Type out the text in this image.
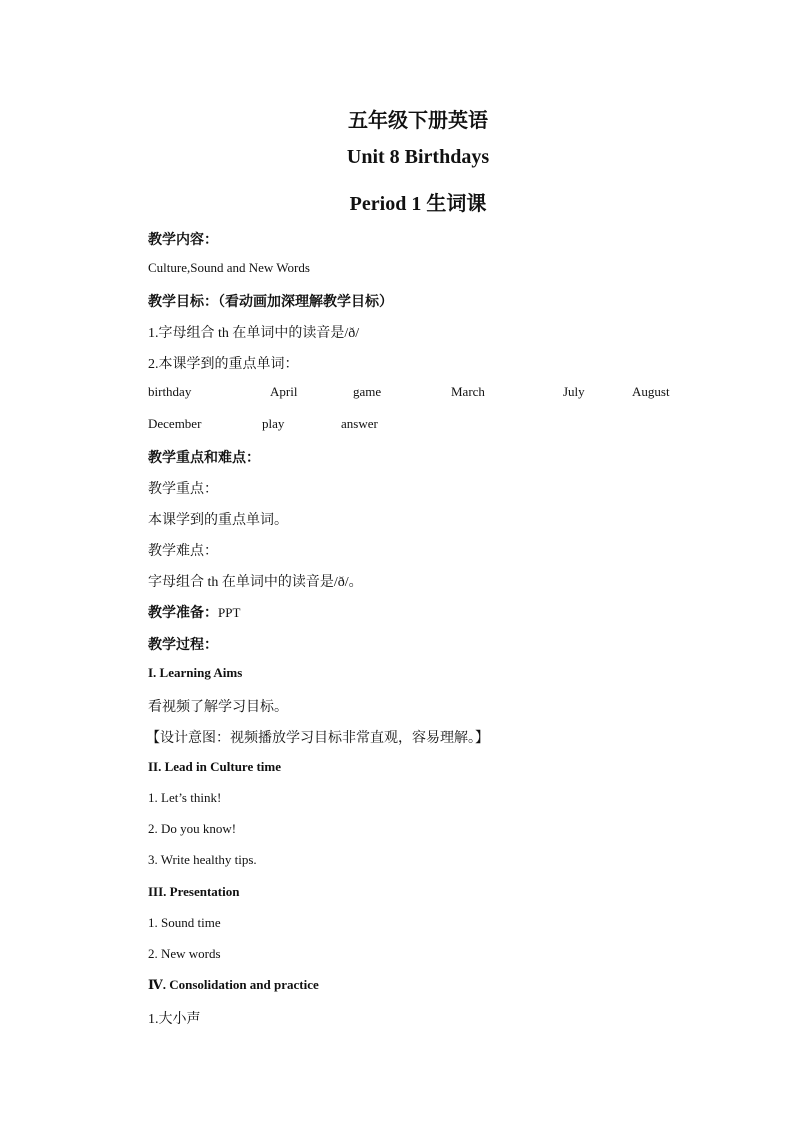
五年级下册英语
Unit 8 Birthdays
Period 1 生词课
教学内容：
Culture,Sound and New Words
教学目标：（看动画加深理解教学目标）
1.字母组合 th 在单词中的读音是/ð/
2.本课学到的重点单词：
birthday	April	game	March	July	August
December	play	answer
教学重点和难点：
教学重点：
本课学到的重点单词。
教学难点：
字母组合 th 在单词中的读音是/ð/。
教学准备：PPT
教学过程：
I. Learning Aims
看视频了解学习目标。
【设计意图：视频播放学习目标非常直观，容易理解。】
II. Lead in Culture time
1. Let’s think!
2. Do you know!
3. Write healthy tips.
III. Presentation
1. Sound time
2. New words
Ⅳ. Consolidation and practice
1.大小声
